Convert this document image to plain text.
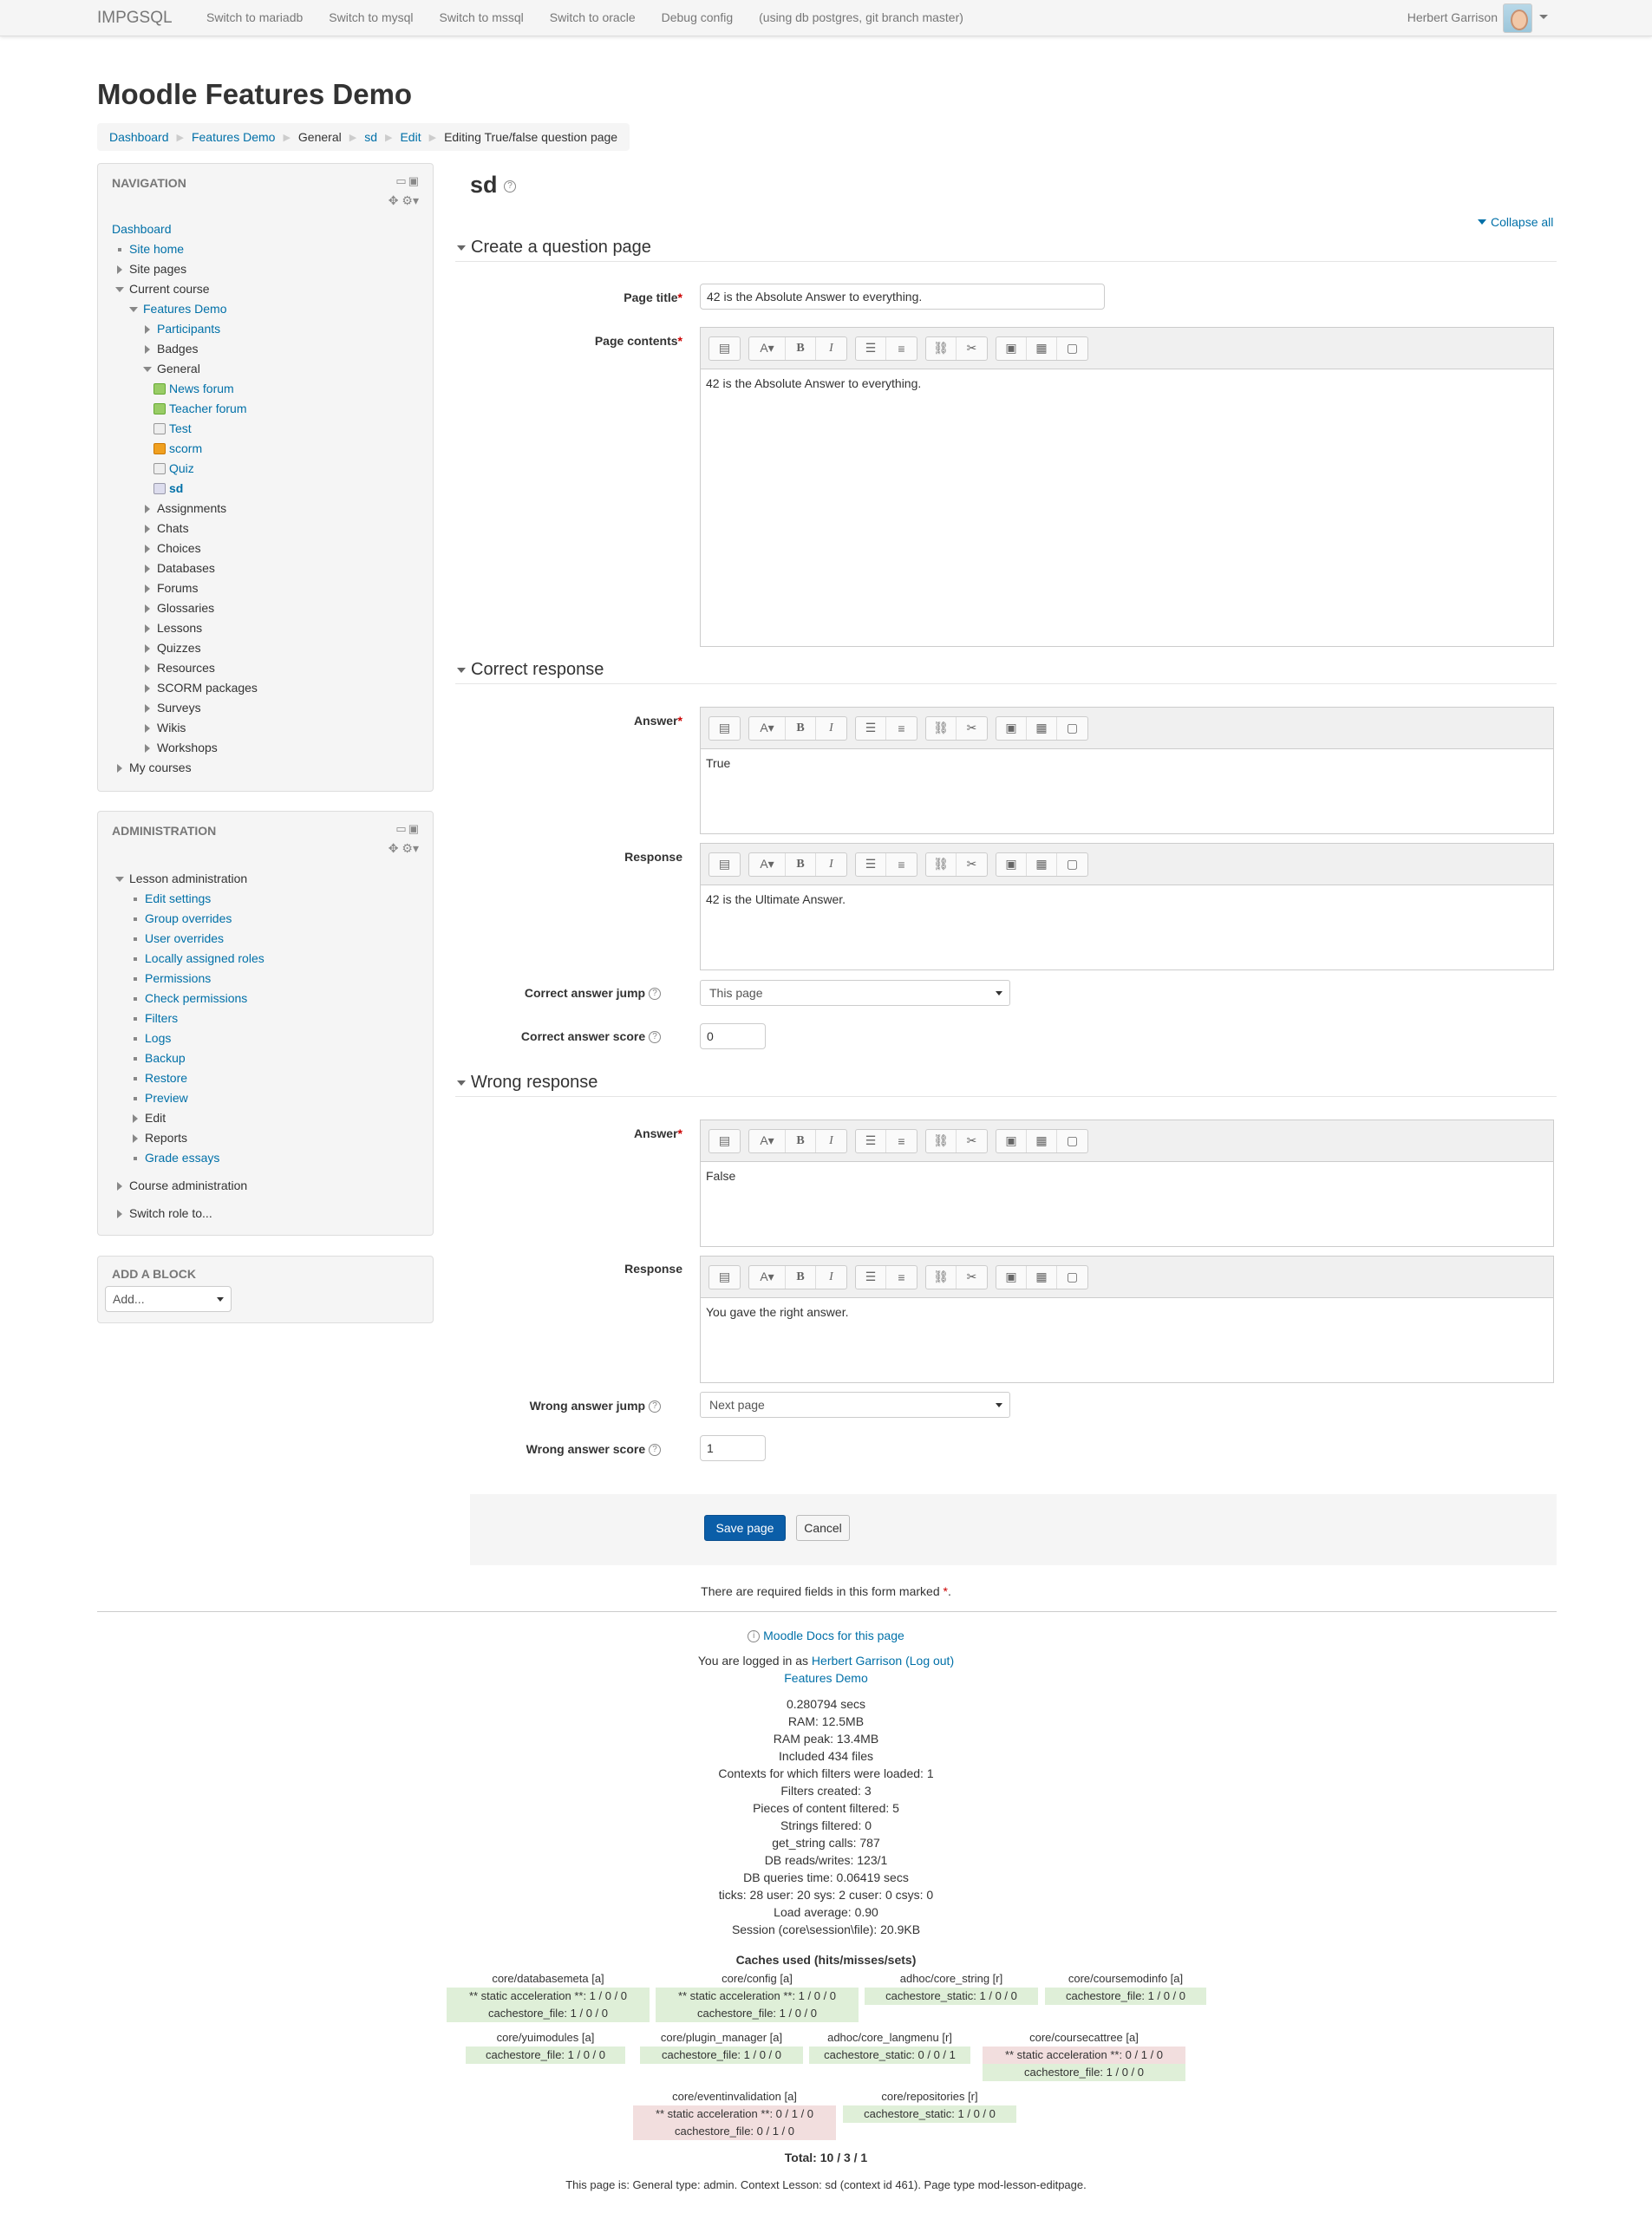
IMPGSQL	Switch to mariadb Switch to mysql Switch to mssql Switch to oracle Debug config (using db postgres, git branch master)	Herbert Garrison
Moodle Features Demo
Dashboard ▶ Features Demo ▶ General ▶ sd ▶ Edit ▶ Editing True/false question page
NAVIGATION	▭▣
✥ ⚙▾
Dashboard
Site home
Site pages
Current course
Features Demo
Participants
Badges
General
News forum
Teacher forum
Test
scorm
Quiz
sd
Assignments
Chats
Choices
Databases
Forums
Glossaries
Lessons
Quizzes
Resources
SCORM packages
Surveys
Wikis
Workshops
My courses
ADMINISTRATION	▭▣
✥ ⚙▾
Lesson administration
Edit settings
Group overrides
User overrides
Locally assigned roles
Permissions
Check permissions
Filters
Logs
Backup
Restore
Preview
Edit
Reports
Grade essays
Course administration
Switch role to...
ADD A BLOCK
Add...
sd ?
Collapse all
Create a question page
Page title*	42 is the Absolute Answer to everything.
Page contents*	▤	A▾	B	I	☰	≡	⛓	✂	▣	▦	▢
42 is the Absolute Answer to everything.
Correct response
Answer*	▤	A▾	B	I	☰	≡	⛓	✂	▣	▦	▢
True
Response	▤	A▾	B	I	☰	≡	⛓	✂	▣	▦	▢
42 is the Ultimate Answer.
Correct answer jump ?	This page
Correct answer score ?	0
Wrong response
Answer*	▤	A▾	B	I	☰	≡	⛓	✂	▣	▦	▢
False
Response
▤	A▾	B	I	☰	≡	⛓	✂	▣	▦	▢
You gave the right answer.
Wrong answer jump ?	Next page
Wrong answer score ?	1
Save page	Cancel
There are required fields in this form marked *.
i Moodle Docs for this page
You are logged in as Herbert Garrison (Log out)
Features Demo
0.280794 secs
RAM: 12.5MB
RAM peak: 13.4MB
Included 434 files
Contexts for which filters were loaded: 1
Filters created: 3
Pieces of content filtered: 5
Strings filtered: 0
get_string calls: 787
DB reads/writes: 123/1
DB queries time: 0.06419 secs
ticks: 28 user: 20 sys: 2 cuser: 0 csys: 0
Load average: 0.90
Session (core\session\file): 20.9KB
Caches used (hits/misses/sets)
core/databasemeta [a]
** static acceleration **: 1 / 0 / 0
cachestore_file: 1 / 0 / 0
core/config [a]
** static acceleration **: 1 / 0 / 0
cachestore_file: 1 / 0 / 0
adhoc/core_string [r]
cachestore_static: 1 / 0 / 0
core/coursemodinfo [a]
cachestore_file: 1 / 0 / 0
core/yuimodules [a]
cachestore_file: 1 / 0 / 0
core/plugin_manager [a]
cachestore_file: 1 / 0 / 0
adhoc/core_langmenu [r]
cachestore_static: 0 / 0 / 1
core/coursecattree [a]
** static acceleration **: 0 / 1 / 0
cachestore_file: 1 / 0 / 0
core/eventinvalidation [a]
** static acceleration **: 0 / 1 / 0
cachestore_file: 0 / 1 / 0
core/repositories [r]
cachestore_static: 1 / 0 / 0
Total: 10 / 3 / 1
This page is: General type: admin. Context Lesson: sd (context id 461). Page type mod-lesson-editpage.
